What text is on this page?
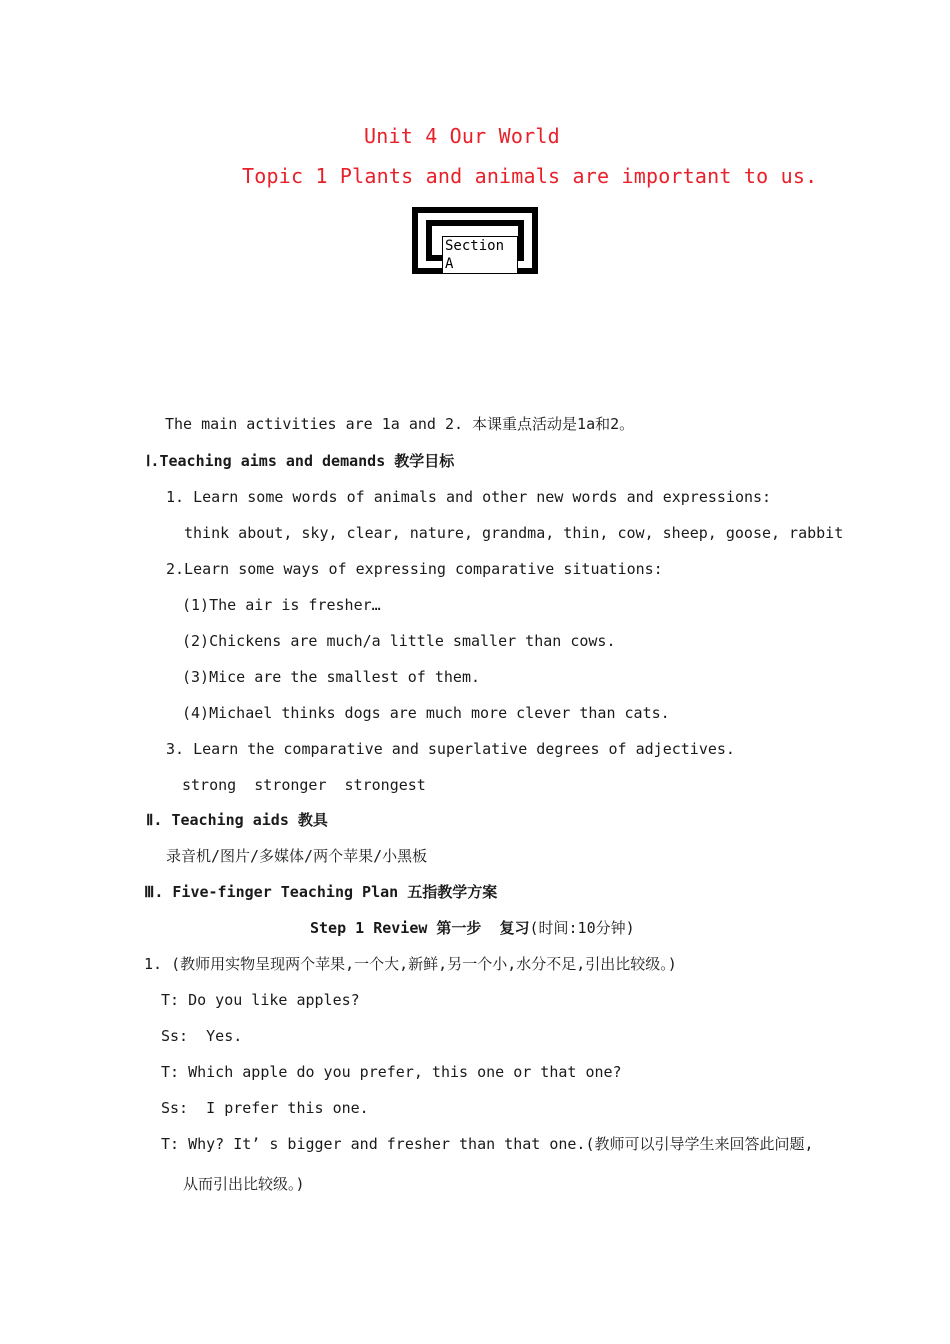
Unit 4 Our World
Topic 1 Plants and animals are important to us.
Section A
The main activities are 1a and 2. 本课重点活动是1a和2。
Ⅰ.Teaching aims and demands 教学目标
1. Learn some words of animals and other new words and expressions:
think about, sky, clear, nature, grandma, thin, cow, sheep, goose, rabbit
2.Learn some ways of expressing comparative situations:
(1)The air is fresher…
(2)Chickens are much/a little smaller than cows.
(3)Mice are the smallest of them.
(4)Michael thinks dogs are much more clever than cats.
3. Learn the comparative and superlative degrees of adjectives.
strong  stronger  strongest
Ⅱ. Teaching aids 教具
录音机/图片/多媒体/两个苹果/小黑板
Ⅲ. Five-finger Teaching Plan 五指教学方案
Step 1 Review 第一步  复习(时间:10分钟)
1. (教师用实物呈现两个苹果,一个大,新鲜,另一个小,水分不足,引出比较级。)
T: Do you like apples?
Ss:  Yes.
T: Which apple do you prefer, this one or that one?
Ss:  I prefer this one.
T: Why? It’ s bigger and fresher than that one.(教师可以引导学生来回答此问题,
从而引出比较级。)
